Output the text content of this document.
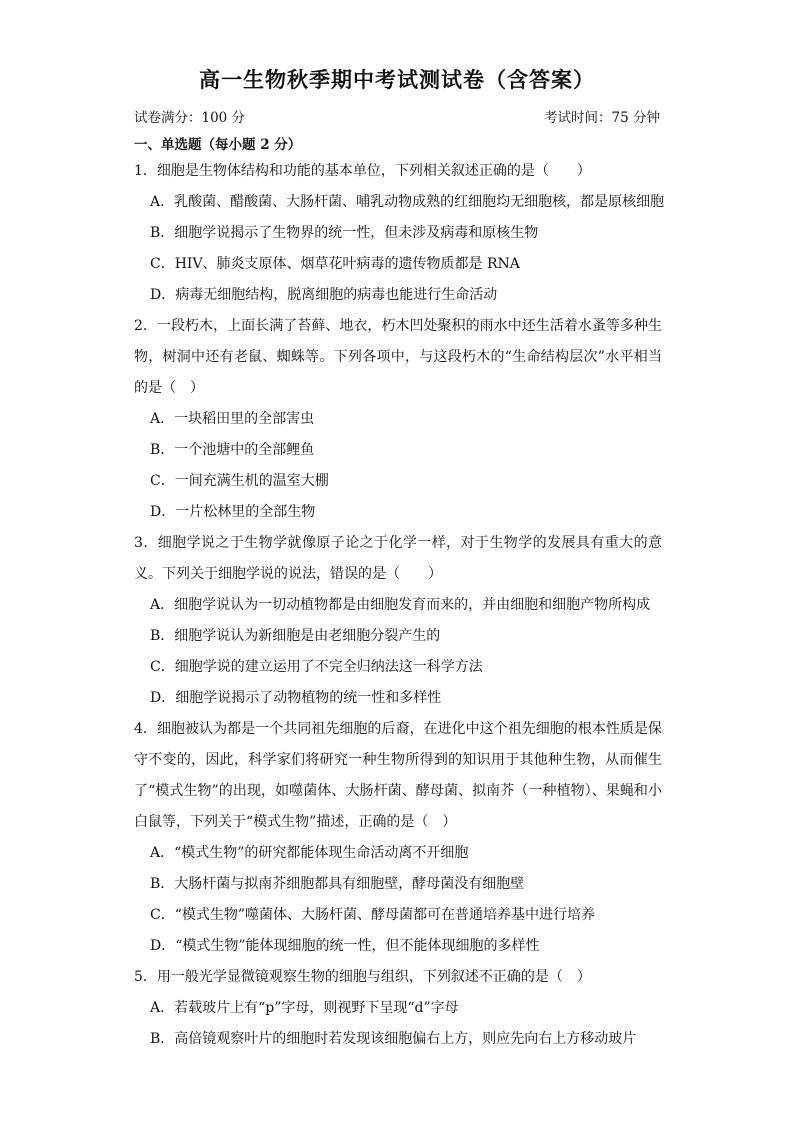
高一生物秋季期中考试测试卷（含答案）
试卷满分：100 分	考试时间：75 分钟
一、单选题（每小题 2 分）

1．细胞是生物体结构和功能的基本单位，下列相关叙述正确的是（　　）

A．乳酸菌、醋酸菌、大肠杆菌、哺乳动物成熟的红细胞均无细胞核，都是原核细胞

B．细胞学说揭示了生物界的统一性，但未涉及病毒和原核生物

C．HIV、肺炎支原体、烟草花叶病毒的遗传物质都是 RNA

D．病毒无细胞结构，脱离细胞的病毒也能进行生命活动

2．一段朽木，上面长满了苔藓、地衣，朽木凹处聚积的雨水中还生活着水蚤等多种生物，树洞中还有老鼠、蜘蛛等。下列各项中，与这段朽木的“生命结构层次”水平相当的是（　）

A．一块稻田里的全部害虫

B．一个池塘中的全部鲤鱼

C．一间充满生机的温室大棚

D．一片松林里的全部生物

3．细胞学说之于生物学就像原子论之于化学一样，对于生物学的发展具有重大的意义。下列关于细胞学说的说法，错误的是（　　）

A．细胞学说认为一切动植物都是由细胞发育而来的，并由细胞和细胞产物所构成

B．细胞学说认为新细胞是由老细胞分裂产生的

C．细胞学说的建立运用了不完全归纳法这一科学方法

D．细胞学说揭示了动物植物的统一性和多样性

4．细胞被认为都是一个共同祖先细胞的后裔，在进化中这个祖先细胞的根本性质是保守不变的，因此，科学家们将研究一种生物所得到的知识用于其他种生物，从而催生了“模式生物”的出现，如噬菌体、大肠杆菌、酵母菌、拟南芥（一种植物）、果蝇和小白鼠等，下列关于“模式生物”描述，正确的是（　）

A．“模式生物”的研究都能体现生命活动离不开细胞

B．大肠杆菌与拟南芥细胞都具有细胞壁，酵母菌没有细胞壁

C．“模式生物”噬菌体、大肠杆菌、酵母菌都可在普通培养基中进行培养

D．“模式生物”能体现细胞的统一性，但不能体现细胞的多样性

5．用一般光学显微镜观察生物的细胞与组织，下列叙述不正确的是（　）

A．若载玻片上有“p”字母，则视野下呈现“d”字母

B．高倍镜观察叶片的细胞时若发现该细胞偏右上方，则应先向右上方移动玻片
